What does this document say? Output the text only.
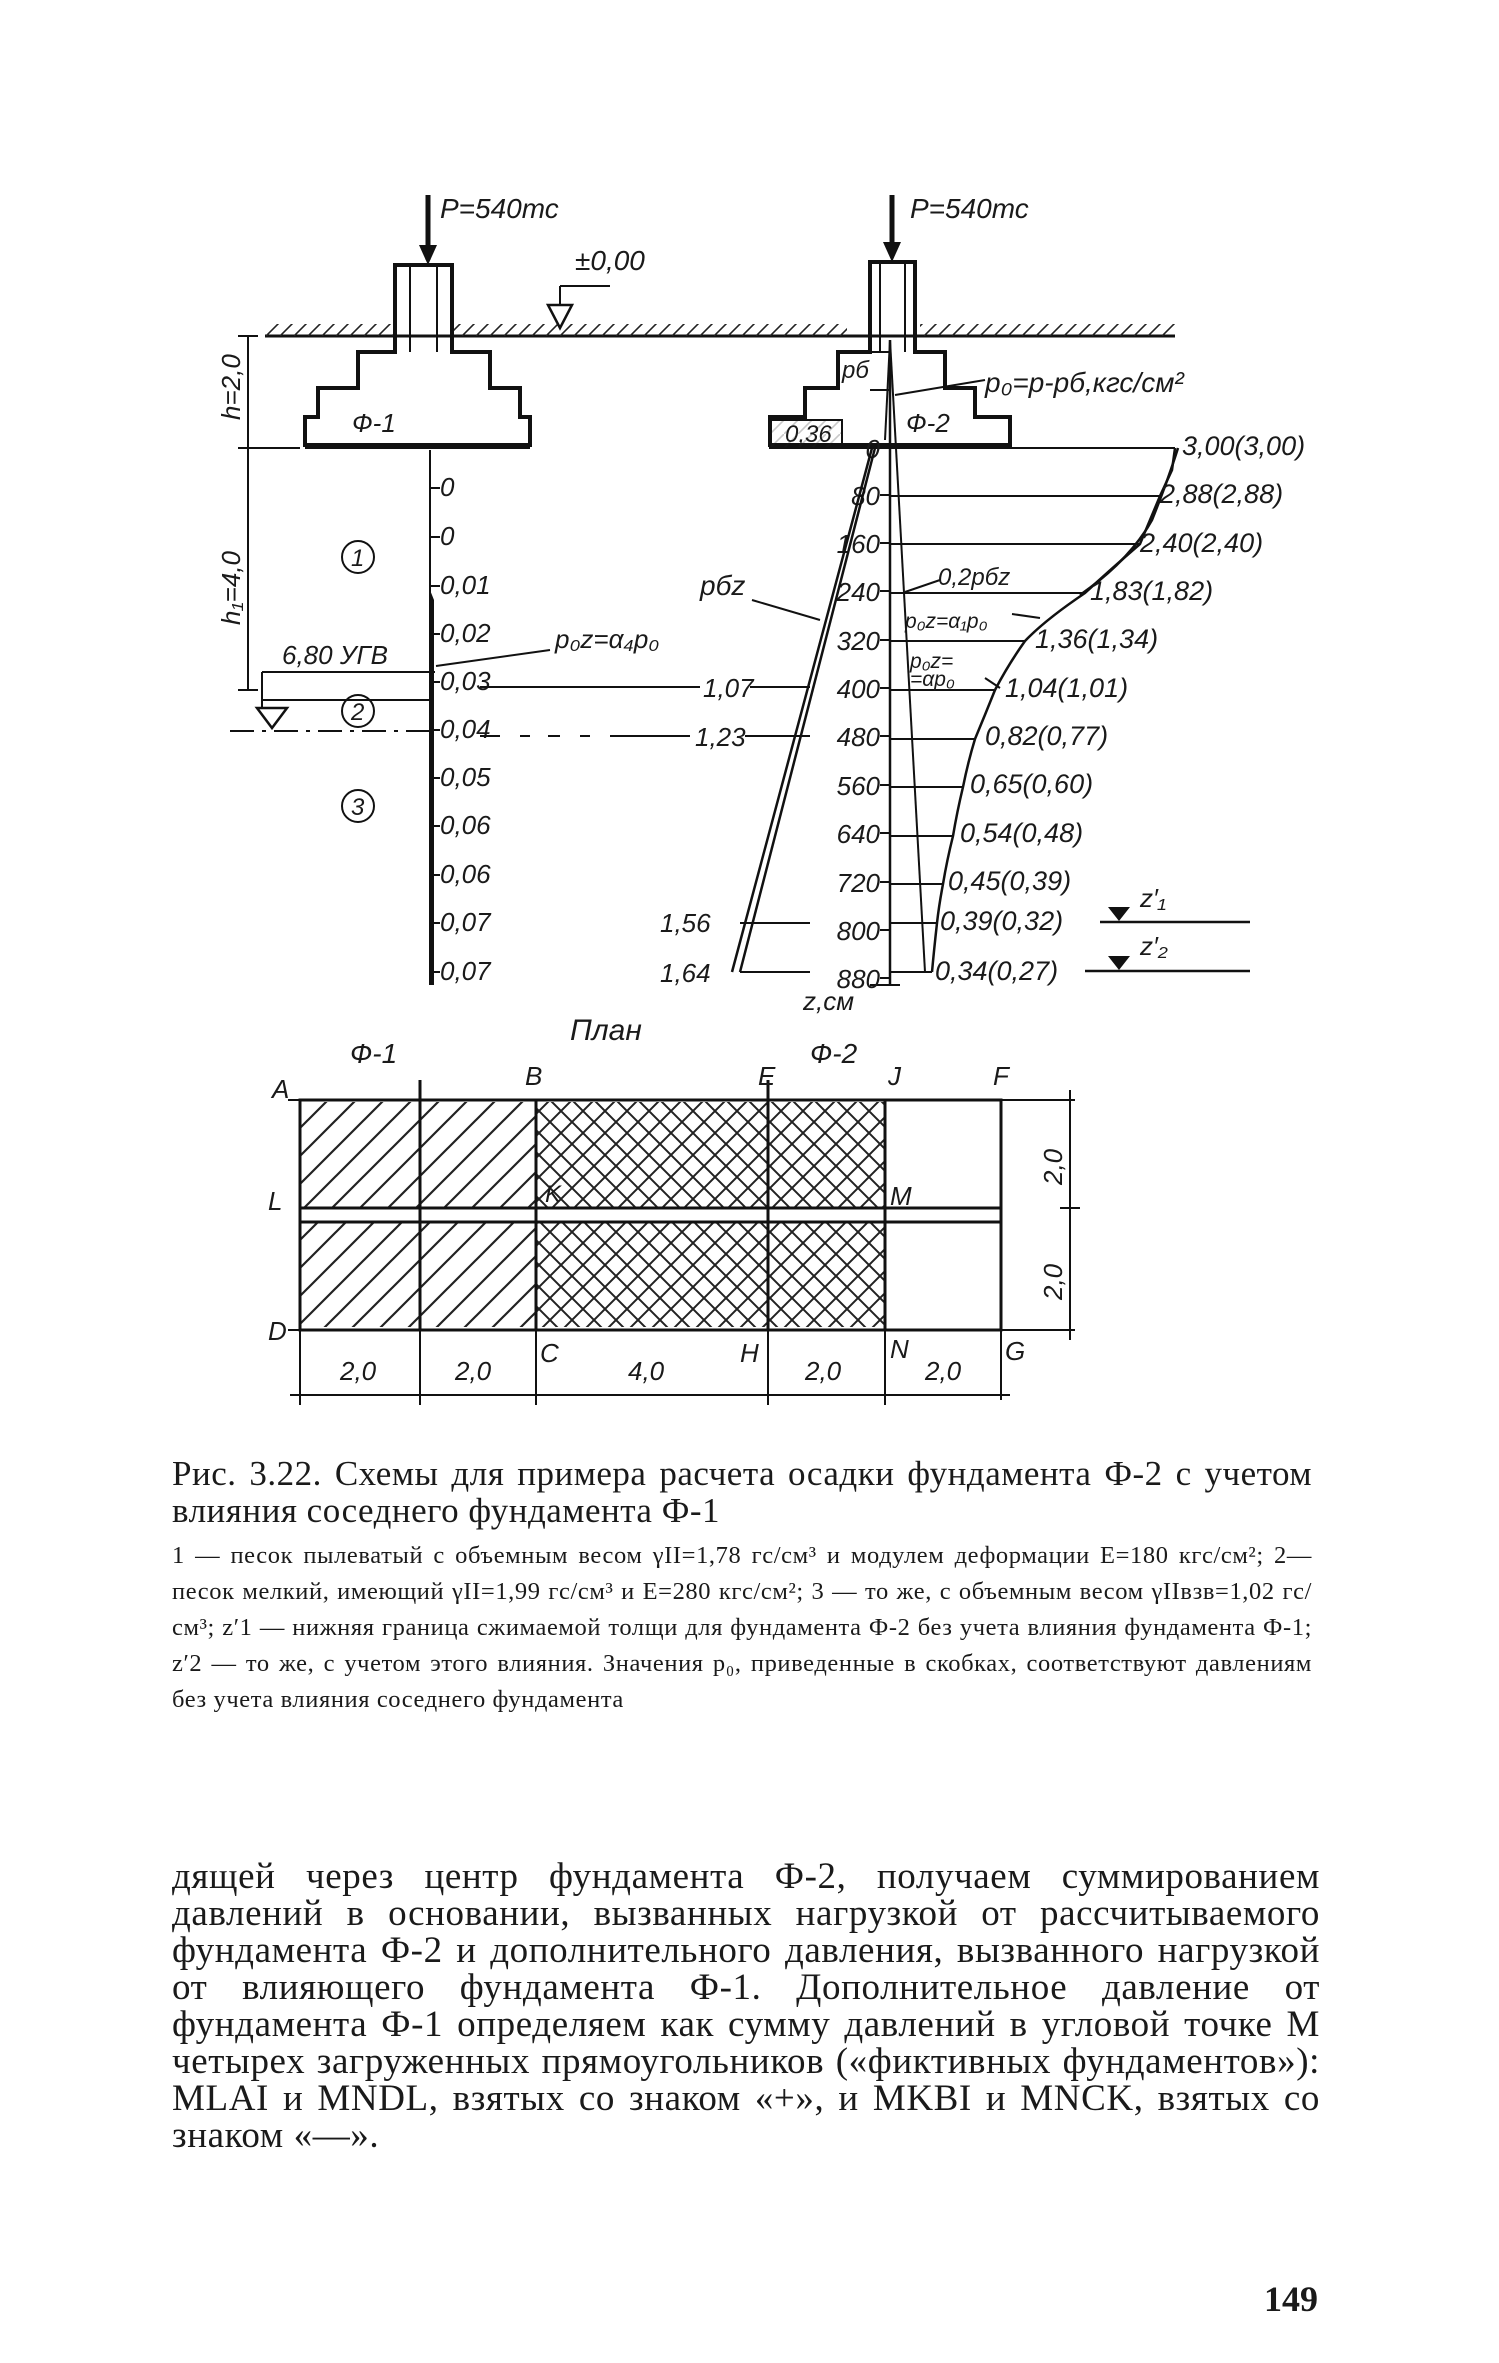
Ф-1	Ф-2
P=540тс	P=540тс
±0,00
h=2,0
h₁=4,0
6,80 УГВ
1
2
3
0
0
0,01
0,02
0,03
0,04
0,05
0,06
0,06
0,07
0,07
p₀z=α₄p₀
1,07
1,23
1,56
1,64
0
80
160
240
320
400
480
560
640
720
800
880
z,см
pбz
pб
0,36
p₀=p-pб,кгс/см²
0,2pбz
p₀z=α₁p₀
p₀z=
=αp₀
3,00(3,00)
2,88(2,88)
2,40(2,40)
1,83(1,82)
1,36(1,34)
1,04(1,01)
0,82(0,77)
0,65(0,60)
0,54(0,48)
0,45(0,39)
0,39(0,32)
0,34(0,27)
z′₁
z′₂
План
Ф-1	Ф-2
A	B	E	J	F
L	K	M
D
C	H	N	G
2,0	2,0	4,0	2,0	2,0
2,0
2,0
Рис. 3.22. Схемы для примера расчета осадки фундамента Ф-2 с учетом влияния соседнего фундамента Ф-1
1 — песок пылеватый с объемным весом γII=1,78 гс/см³ и модулем деформации E=180 кгс/см²; 2—песок мелкий, имеющий γII=1,99 гс/см³ и E=280 кгс/см²; 3 — то же, с объемным весом γIIвзв=1,02 гс/см³; z′1 — нижняя граница сжимаемой толщи для фундамента Ф-2 без учета влияния фундамента Ф-1; z′2 — то же, с учетом этого влияния. Значения p₀, приведенные в скобках, соответствуют давлениям без учета влияния соседнего фундамента
дящей через центр фундамента Ф-2, получаем суммированием давлений в основании, вызванных нагрузкой от рассчитываемого фундамента Ф-2 и дополнительного давления, вызванного нагрузкой от влияющего фундамента Ф-1. Дополнительное давление от фундамента Ф-1 определяем как сумму давлений в угловой точке M четырех загруженных прямоугольников («фиктивных фундаментов»): MLAI и MNDL, взятых со знаком «+», и MKBI и MNCK, взятых со знаком «—».
149
